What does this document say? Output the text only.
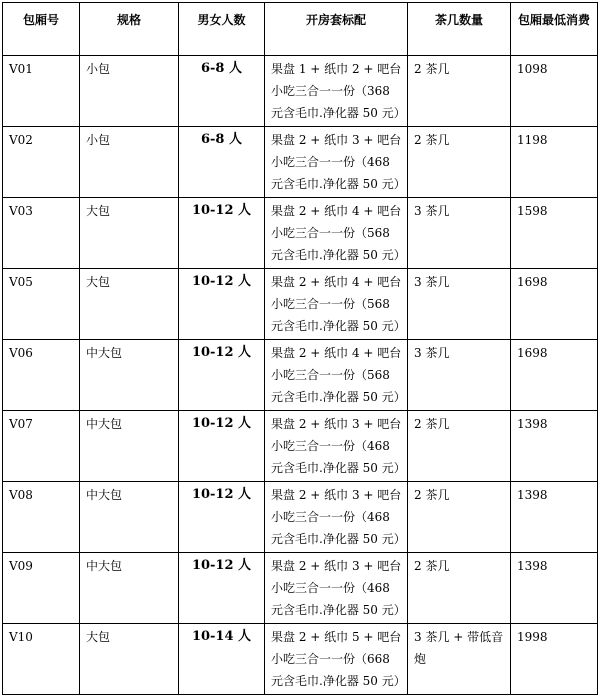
包厢号	规格	男女人数	开房套标配	茶几数量	包厢最低消费
V01	小包	6-8 人	果盘 1 + 纸巾 2 + 吧台小吃三合一一份（368 元含毛巾.净化器 50 元）	2 茶几	1098
V02	小包	6-8 人	果盘 2 + 纸巾 3 + 吧台小吃三合一一份（468 元含毛巾.净化器 50 元）	2 茶几	1198
V03	大包	10-12 人	果盘 2 + 纸巾 4 + 吧台小吃三合一一份（568 元含毛巾.净化器 50 元）	3 茶几	1598
V05	大包	10-12 人	果盘 2 + 纸巾 4 + 吧台小吃三合一一份（568 元含毛巾.净化器 50 元）	3 茶几	1698
V06	中大包	10-12 人	果盘 2 + 纸巾 4 + 吧台小吃三合一一份（568 元含毛巾.净化器 50 元）	3 茶几	1698
V07	中大包	10-12 人	果盘 2 + 纸巾 3 + 吧台小吃三合一一份（468 元含毛巾.净化器 50 元）	2 茶几	1398
V08	中大包	10-12 人	果盘 2 + 纸巾 3 + 吧台小吃三合一一份（468 元含毛巾.净化器 50 元）	2 茶几	1398
V09	中大包	10-12 人	果盘 2 + 纸巾 3 + 吧台小吃三合一一份（468 元含毛巾.净化器 50 元）	2 茶几	1398
V10	大包	10-14 人	果盘 2 + 纸巾 5 + 吧台小吃三合一一份（668 元含毛巾.净化器 50 元）	3 茶几 + 带低音炮	1998
